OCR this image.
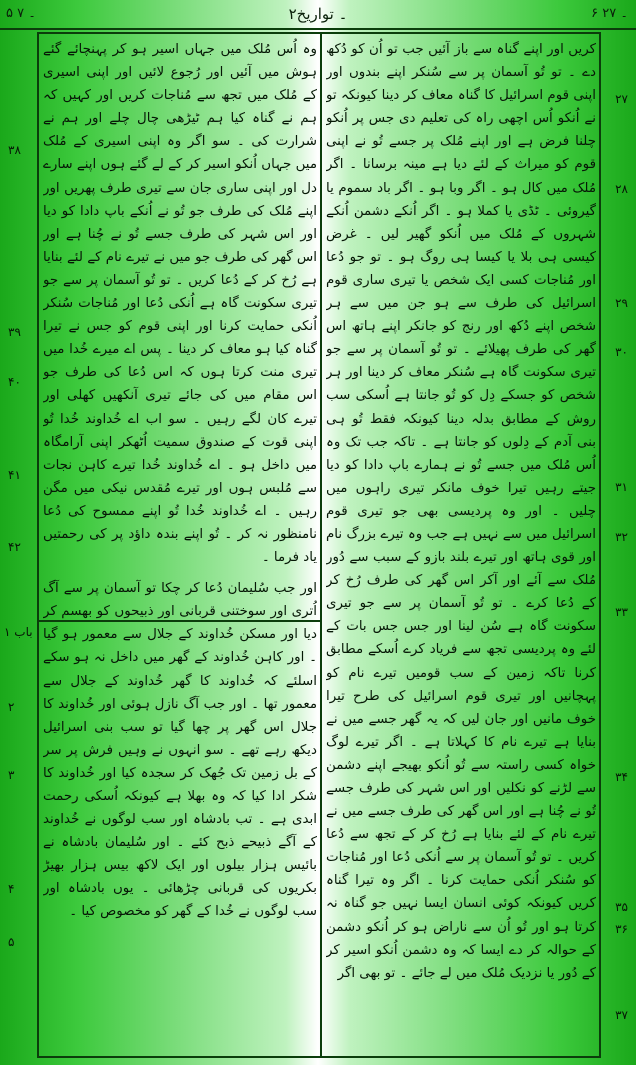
۶ ۔ ۲۷
۲۔ تواریخ
۵ ۔ ۷

کریں اور اپنے گناہ سے باز آئیں جب تو اُن کو دُکھ دے ۔ تو تُو آسمان پر سے سُنکر اپنے بندوں اور اپنی قوم اسرائیل کا گناہ معاف کر دینا کیونکہ تو نے اُنکو اُس اچھی راہ کی تعلیم دی جس پر اُنکو چلنا فرض ہے اور اپنے مُلک پر جسے تُو نے اپنی قوم کو میراث کے لئے دیا ہے مینہ برسانا ۔ اگر مُلک میں کال ہو ۔ اگر وبا ہو ۔ اگر باد سموم یا گیروئی ۔ ٹڈی یا کملا ہو ۔ اگر اُنکے دشمن اُنکے شہروں کے مُلک میں اُنکو گھیر لیں ۔ غرض کیسی ہی بلا یا کیسا ہی روگ ہو ۔ تو جو دُعا اور مُناجات کسی ایک شخص یا تیری ساری قوم اسرائیل کی طرف سے ہو جن میں سے ہر شخص اپنے دُکھ اور رنج کو جانکر اپنے ہاتھ اس گھر کی طرف پھیلائے ۔ تو تُو آسمان پر سے جو تیری سکونت گاہ ہے سُنکر معاف کر دینا اور ہر شخص کو جسکے دِل کو تُو جانتا ہے اُسکی سب روش کے مطابق بدلہ دینا کیونکہ فقط تُو ہی بنی آدم کے دِلوں کو جانتا ہے ۔ تاکہ جب تک وہ اُس مُلک میں جسے تُو نے ہمارے باپ دادا کو دیا جیتے رہیں تیرا خوف مانکر تیری راہوں میں چلیں ۔ اور وہ پردیسی بھی جو تیری قوم اسرائیل میں سے نہیں ہے جب وہ تیرے بزرگ نام اور قوی ہاتھ اور تیرے بلند بازو کے سبب سے دُور مُلک سے آئے اور آکر اس گھر کی طرف رُخ کر کے دُعا کرے ۔ تو تُو آسمان پر سے جو تیری سکونت گاہ ہے سُن لینا اور جس جس بات کے لئے وہ پردیسی تجھ سے فریاد کرے اُسکے مطابق کرنا تاکہ زمین کے سب قومیں تیرے نام کو پہچانیں اور تیری قوم اسرائیل کی طرح تیرا خوف مانیں اور جان لیں کہ یہ گھر جسے میں نے بنایا ہے تیرے نام کا کہلاتا ہے ۔ اگر تیرے لوگ خواہ کسی راستہ سے تُو اُنکو بھیجے اپنے دشمن سے لڑنے کو نکلیں اور اس شہر کی طرف جسے تُو نے چُنا ہے اور اس گھر کی طرف جسے میں نے تیرے نام کے لئے بنایا ہے رُخ کر کے تجھ سے دُعا کریں ۔ تو تُو آسمان پر سے اُنکی دُعا اور مُناجات کو سُنکر اُنکی حمایت کرنا ۔ اگر وہ تیرا گناہ کریں کیونکہ کوئی انسان ایسا نہیں جو گناہ نہ کرتا ہو اور تُو اُن سے ناراض ہو کر اُنکو دشمن کے حوالہ کر دے ایسا کہ وہ دشمن اُنکو اسیر کر کے دُور یا نزدیک مُلک میں لے جائے ۔ تو بھی اگر

وہ اُس مُلک میں جہاں اسیر ہو کر پہنچائے گئے ہوش میں آئیں اور رُجوع لائیں اور اپنی اسیری کے مُلک میں تجھ سے مُناجات کریں اور کہیں کہ ہم نے گناہ کیا ہم ٹیڑھی چال چلے اور ہم نے شرارت کی ۔ سو اگر وہ اپنی اسیری کے مُلک میں جہاں اُنکو اسیر کر کے لے گئے ہوں اپنے سارے دل اور اپنی ساری جان سے تیری طرف پھریں اور اپنے مُلک کی طرف جو تُو نے اُنکے باپ دادا کو دیا اور اس شہر کی طرف جسے تُو نے چُنا ہے اور اس گھر کی طرف جو میں نے تیرے نام کے لئے بنایا ہے رُخ کر کے دُعا کریں ۔ تو تُو آسمان پر سے جو تیری سکونت گاہ ہے اُنکی دُعا اور مُناجات سُنکر اُنکی حمایت کرنا اور اپنی قوم کو جس نے تیرا گناہ کیا ہو معاف کر دینا ۔ پس اے میرے خُدا میں تیری منت کرتا ہوں کہ اس دُعا کی طرف جو اس مقام میں کی جائے تیری آنکھیں کھلی اور تیرے کان لگے رہیں ۔ سو اب اے خُداوند خُدا تُو اپنی قوت کے صندوق سمیت اُٹھکر اپنی آرامگاہ میں داخل ہو ۔ اے خُداوند خُدا تیرے کاہن نجات سے مُلبس ہوں اور تیرے مُقدس نیکی میں مگن رہیں ۔ اے خُداوند خُدا تُو اپنے ممسوح کی دُعا نامنظور نہ کر ۔ تُو اپنے بندہ داؤد پر کی رحمتیں یاد فرما ۔

اور جب سُلیمان دُعا کر چکا تو آسمان پر سے آگ اُتری اور سوختنی قربانی اور ذبیحوں کو بھسم کر دیا اور مسکن خُداوند کے جلال سے معمور ہو گیا ۔ اور کاہن خُداوند کے گھر میں داخل نہ ہو سکے اسلئے کہ خُداوند کا گھر خُداوند کے جلال سے معمور تھا ۔ اور جب آگ نازل ہوئی اور خُداوند کا جلال اس گھر پر چھا گیا تو سب بنی اسرائیل دیکھ رہے تھے ۔ سو انہوں نے وہیں فرش پر سر کے بل زمین تک جُھک کر سجدہ کیا اور خُداوند کا شکر ادا کیا کہ وہ بھلا ہے کیونکہ اُسکی رحمت ابدی ہے ۔ تب بادشاہ اور سب لوگوں نے خُداوند کے آگے ذبیحے ذبح کئے ۔ اور سُلیمان بادشاہ نے بائیس ہزار بیلوں اور ایک لاکھ بیس ہزار بھیڑ بکریوں کی قربانی چڑھائی ۔ یوں بادشاہ اور سب لوگوں نے خُدا کے گھر کو مخصوص کیا ۔

۲۷
۲۸
۲۹
۳۰
۳۱
۳۲
۳۳
۳۴
۳۵
۳۶
۳۷
۳۸
۳۹
۴۰
۴۱
۴۲
۱ باب
۲
۳
۴
۵
